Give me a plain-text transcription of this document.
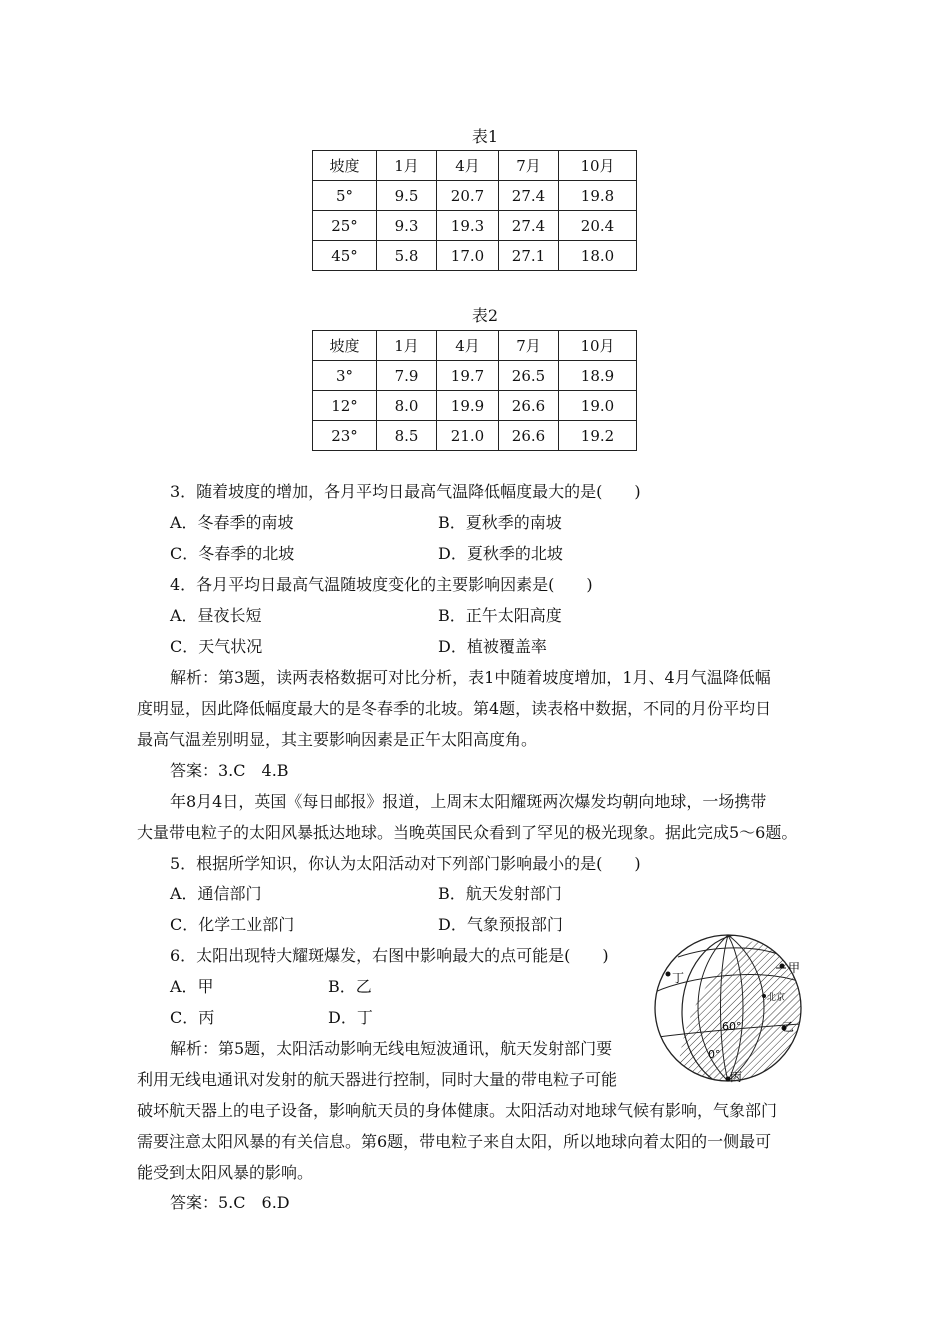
表1
坡度	1月	4月	7月	10月
5°	9.5	20.7	27.4	19.8
25°	9.3	19.3	27.4	20.4
45°	5.8	17.0	27.1	18.0
表2
坡度	1月	4月	7月	10月
3°	7.9	19.7	26.5	18.9
12°	8.0	19.9	26.6	19.0
23°	8.5	21.0	26.6	19.2
3．随着坡度的增加，各月平均日最高气温降低幅度最大的是(　　)
A．冬春季的南坡	B．夏秋季的南坡
C．冬春季的北坡	D．夏秋季的北坡
4．各月平均日最高气温随坡度变化的主要影响因素是(　　)
A．昼夜长短	B．正午太阳高度
C．天气状况	D．植被覆盖率
解析：第3题，读两表格数据可对比分析，表1中随着坡度增加，1月、4月气温降低幅
度明显，因此降低幅度最大的是冬春季的北坡。第4题，读表格中数据，不同的月份平均日
最高气温差别明显，其主要影响因素是正午太阳高度角。
答案：3.C　4.B
年8月4日，英国《每日邮报》报道，上周末太阳耀斑两次爆发均朝向地球，一场携带
大量带电粒子的太阳风暴抵达地球。当晚英国民众看到了罕见的极光现象。据此完成5～6题。
5．根据所学知识，你认为太阳活动对下列部门影响最小的是(　　)
A．通信部门	B．航天发射部门
C．化学工业部门	D．气象预报部门
6．太阳出现特大耀斑爆发，右图中影响最大的点可能是(　　)
A．甲	B．乙
C．丙	D．丁
解析：第5题，太阳活动影响无线电短波通讯，航天发射部门要
利用无线电通讯对发射的航天器进行控制，同时大量的带电粒子可能
破坏航天器上的电子设备，影响航天员的身体健康。太阳活动对地球气候有影响，气象部门
需要注意太阳风暴的有关信息。第6题，带电粒子来自太阳，所以地球向着太阳的一侧最可
能受到太阳风暴的影响。
答案：5.C　6.D
丁
甲
乙
丙
北京
60°
0°
